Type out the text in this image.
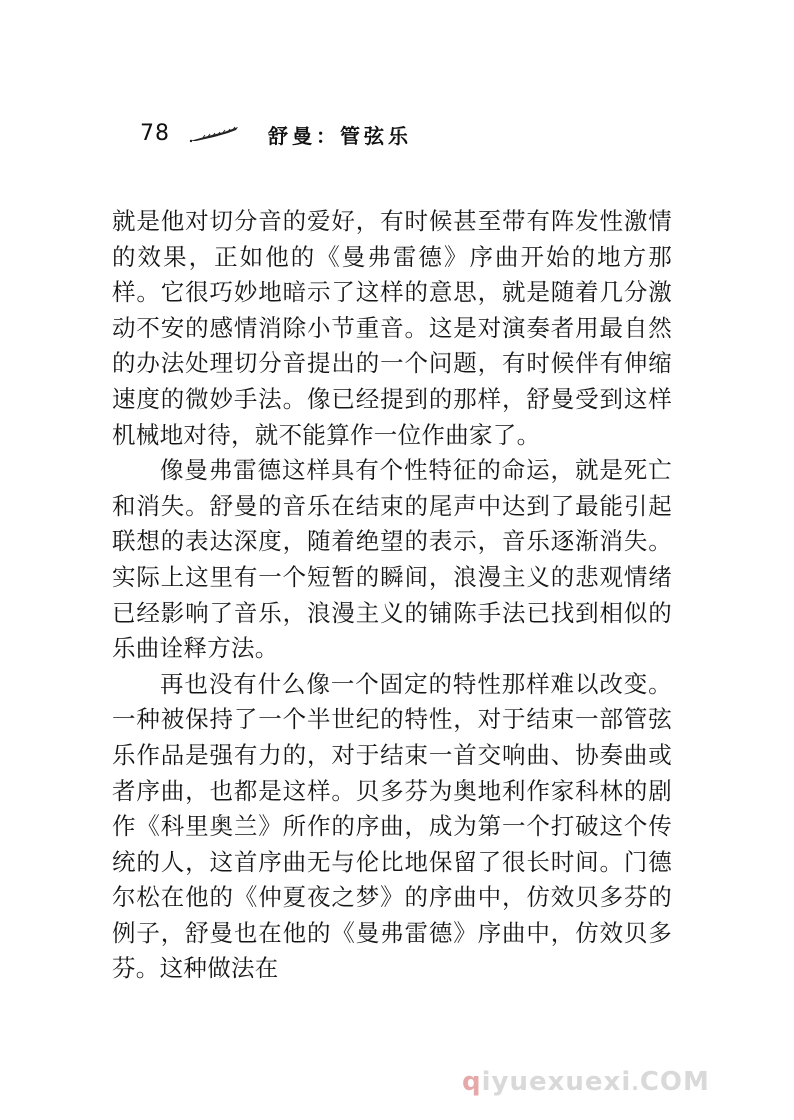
78	舒曼：管弦乐

就是他对切分音的爱好，有时候甚至带有阵发性激情的效果，正如他的《曼弗雷德》序曲开始的地方那样。它很巧妙地暗示了这样的意思，就是随着几分激动不安的感情消除小节重音。这是对演奏者用最自然的办法处理切分音提出的一个问题，有时候伴有伸缩速度的微妙手法。像已经提到的那样，舒曼受到这样机械地对待，就不能算作一位作曲家了。

像曼弗雷德这样具有个性特征的命运，就是死亡和消失。舒曼的音乐在结束的尾声中达到了最能引起联想的表达深度，随着绝望的表示，音乐逐渐消失。实际上这里有一个短暂的瞬间，浪漫主义的悲观情绪已经影响了音乐，浪漫主义的铺陈手法已找到相似的乐曲诠释方法。

再也没有什么像一个固定的特性那样难以改变。一种被保持了一个半世纪的特性，对于结束一部管弦乐作品是强有力的，对于结束一首交响曲、协奏曲或者序曲，也都是这样。贝多芬为奥地利作家科林的剧作《科里奥兰》所作的序曲，成为第一个打破这个传统的人，这首序曲无与伦比地保留了很长时间。门德尔松在他的《仲夏夜之梦》的序曲中，仿效贝多芬的例子，舒曼也在他的《曼弗雷德》序曲中，仿效贝多芬。这种做法在

qiyuexuexi.COM
